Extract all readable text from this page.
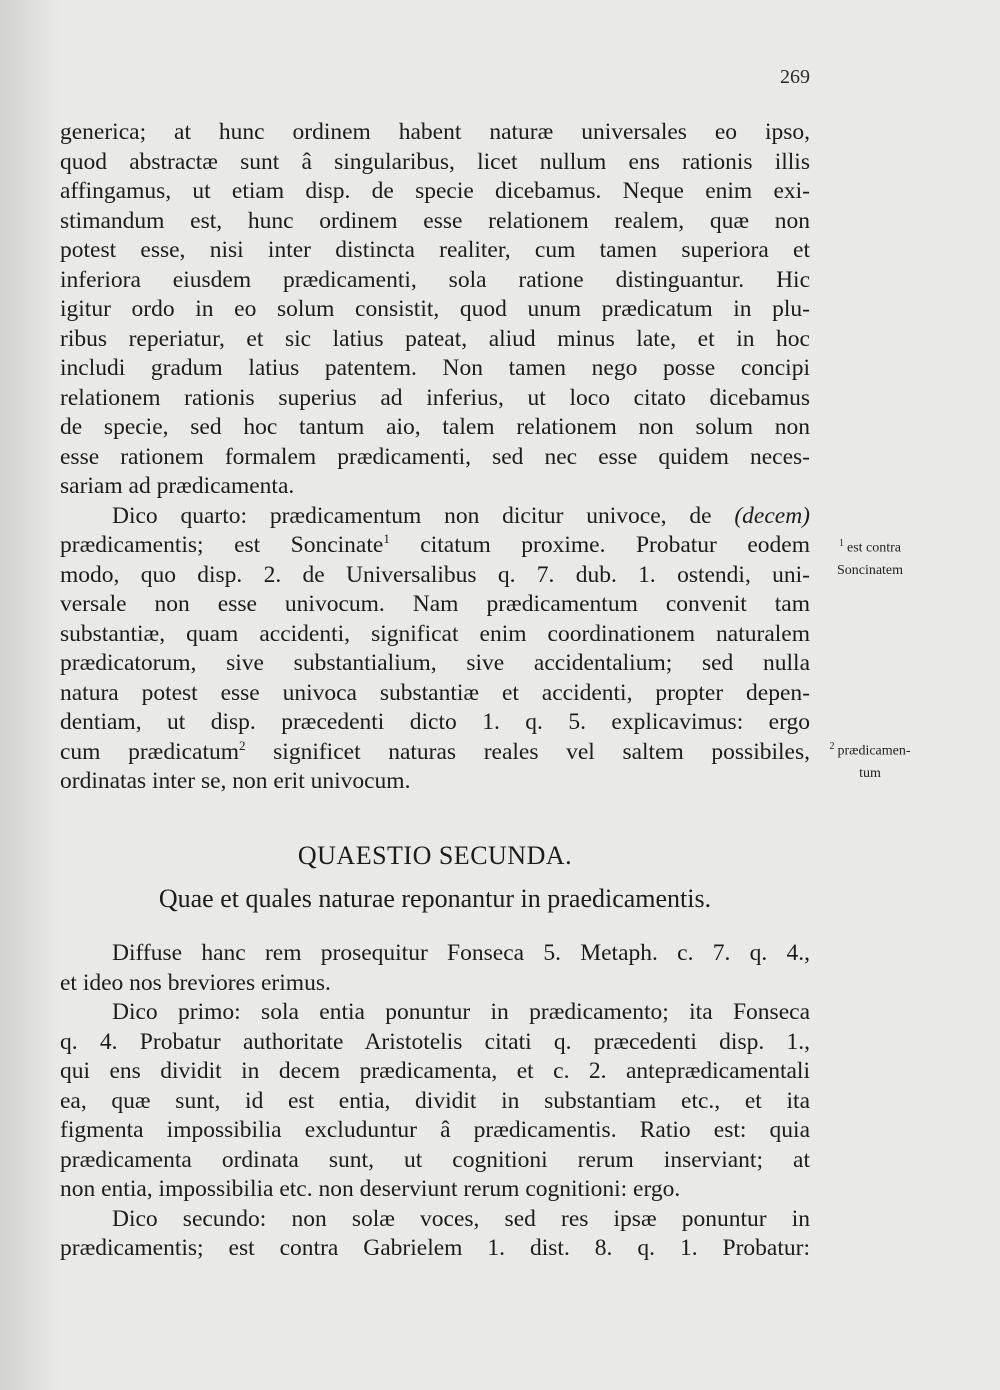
269
generica; at hunc ordinem habent naturæ universales eo ipso,
quod abstractæ sunt â singularibus, licet nullum ens rationis illis
affingamus, ut etiam disp. de specie dicebamus. Neque enim exi-
stimandum est, hunc ordinem esse relationem realem, quæ non
potest esse, nisi inter distincta realiter, cum tamen superiora et
inferiora eiusdem prædicamenti, sola ratione distinguantur. Hic
igitur ordo in eo solum consistit, quod unum prædicatum in plu-
ribus reperiatur, et sic latius pateat, aliud minus late, et in hoc
includi gradum latius patentem. Non tamen nego posse concipi
relationem rationis superius ad inferius, ut loco citato dicebamus
de specie, sed hoc tantum aio, talem relationem non solum non
esse rationem formalem prædicamenti, sed nec esse quidem neces-
sariam ad prædicamenta.
Dico quarto: prædicamentum non dicitur univoce, de (decem)
prædicamentis; est Soncinate$^1$ citatum proxime. Probatur eodem
modo, quo disp. 2. de Universalibus q. 7. dub. 1. ostendi, uni-
versale non esse univocum. Nam prædicamentum convenit tam
substantiæ, quam accidenti, significat enim coordinationem naturalem
prædicatorum, sive substantialium, sive accidentalium; sed nulla
natura potest esse univoca substantiæ et accidenti, propter depen-
dentiam, ut disp. præcedenti dicto 1. q. 5. explicavimus: ergo
cum prædicatum$^2$ significet naturas reales vel saltem possibiles,
ordinatas inter se, non erit univocum.
$^1$ est contra
Soncinatem
$^2$ prædicamen-
tum
QUAESTIO SECUNDA.
Quae et quales naturae reponantur in praedicamentis.
Diffuse hanc rem prosequitur Fonseca 5. Metaph. c. 7. q. 4.,
et ideo nos breviores erimus.
Dico primo: sola entia ponuntur in prædicamento; ita Fonseca
q. 4. Probatur authoritate Aristotelis citati q. præcedenti disp. 1.,
qui ens dividit in decem prædicamenta, et c. 2. anteprædicamentali
ea, quæ sunt, id est entia, dividit in substantiam etc., et ita
figmenta impossibilia excluduntur â prædicamentis. Ratio est: quia
prædicamenta ordinata sunt, ut cognitioni rerum inserviant; at
non entia, impossibilia etc. non deserviunt rerum cognitioni: ergo.
Dico secundo: non solæ voces, sed res ipsæ ponuntur in
prædicamentis; est contra Gabrielem 1. dist. 8. q. 1. Probatur:
